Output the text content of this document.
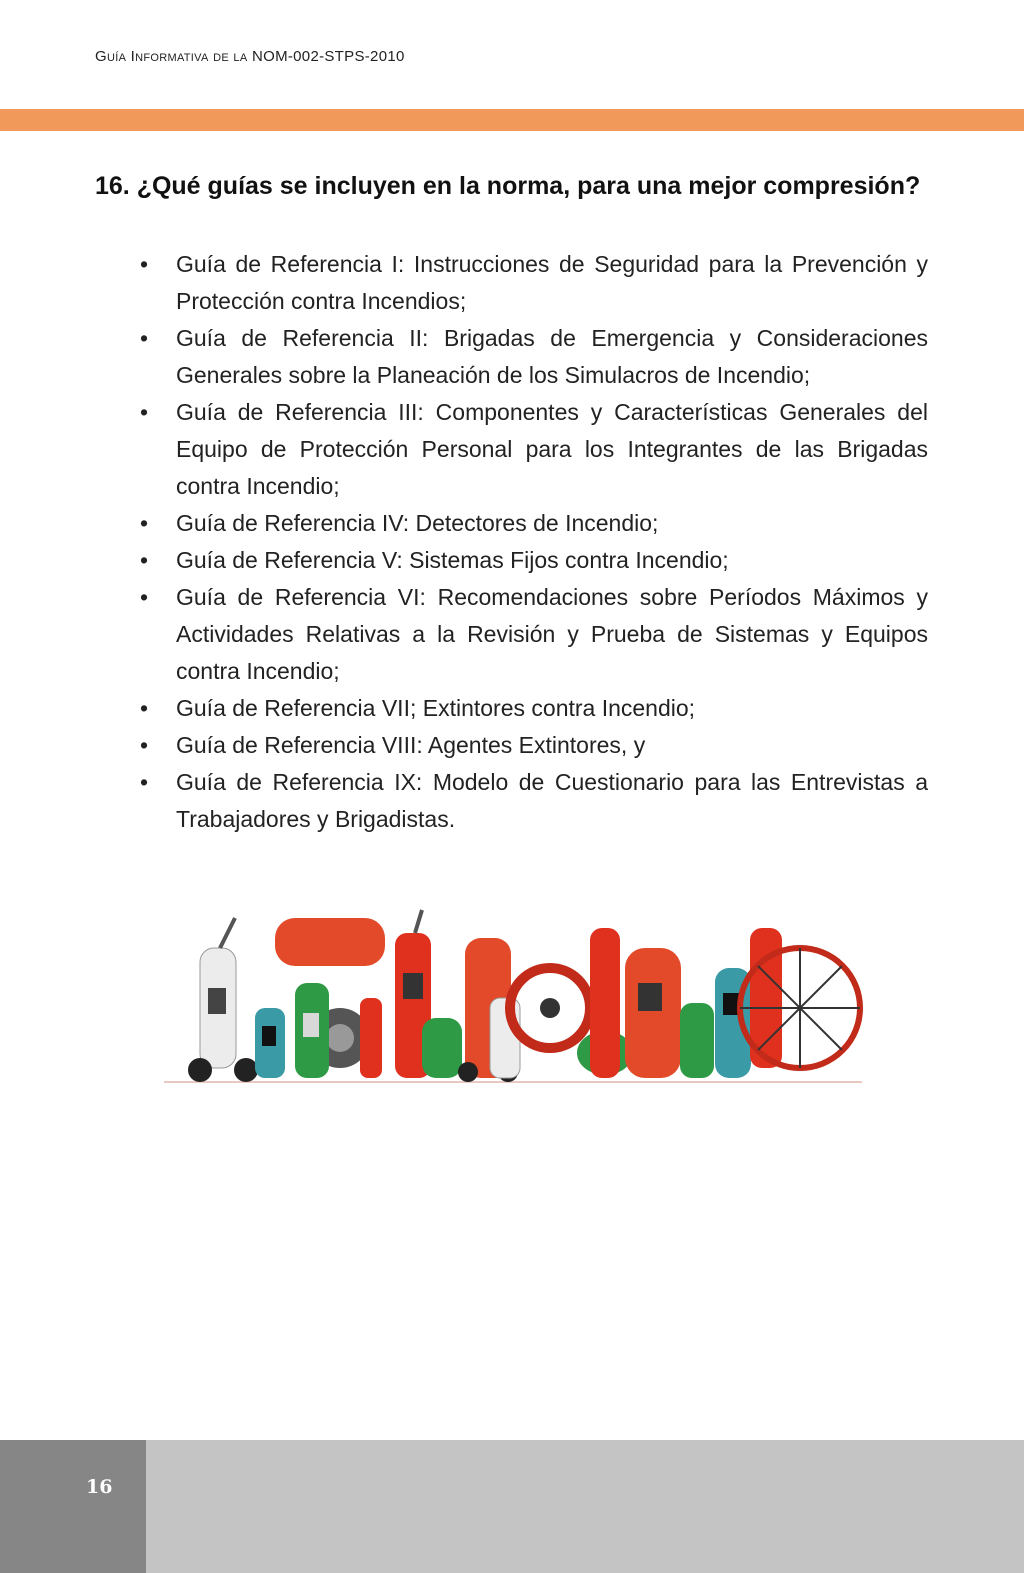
Guía Informativa de la NOM-002-STPS-2010
16. ¿Qué guías se incluyen en la norma, para una mejor compresión?
• Guía de Referencia I: Instrucciones de Seguridad para la Prevención y Protección contra Incendios;
• Guía de Referencia II: Brigadas de Emergencia y Consideraciones Generales sobre la Planeación de los Simulacros de Incendio;
• Guía de Referencia III: Componentes y Características Generales del Equipo de Protección Personal para los Integrantes de las Brigadas contra Incendio;
• Guía de Referencia IV: Detectores de Incendio;
• Guía de Referencia V: Sistemas Fijos contra Incendio;
• Guía de Referencia VI: Recomendaciones sobre Períodos Máximos y Actividades Relativas a la Revisión y Prueba de Sistemas y Equipos contra Incendio;
• Guía de Referencia VII; Extintores contra Incendio;
• Guía de Referencia VIII: Agentes Extintores, y
• Guía de Referencia IX: Modelo de Cuestionario para las Entrevistas a Trabajadores y Brigadistas.
16
